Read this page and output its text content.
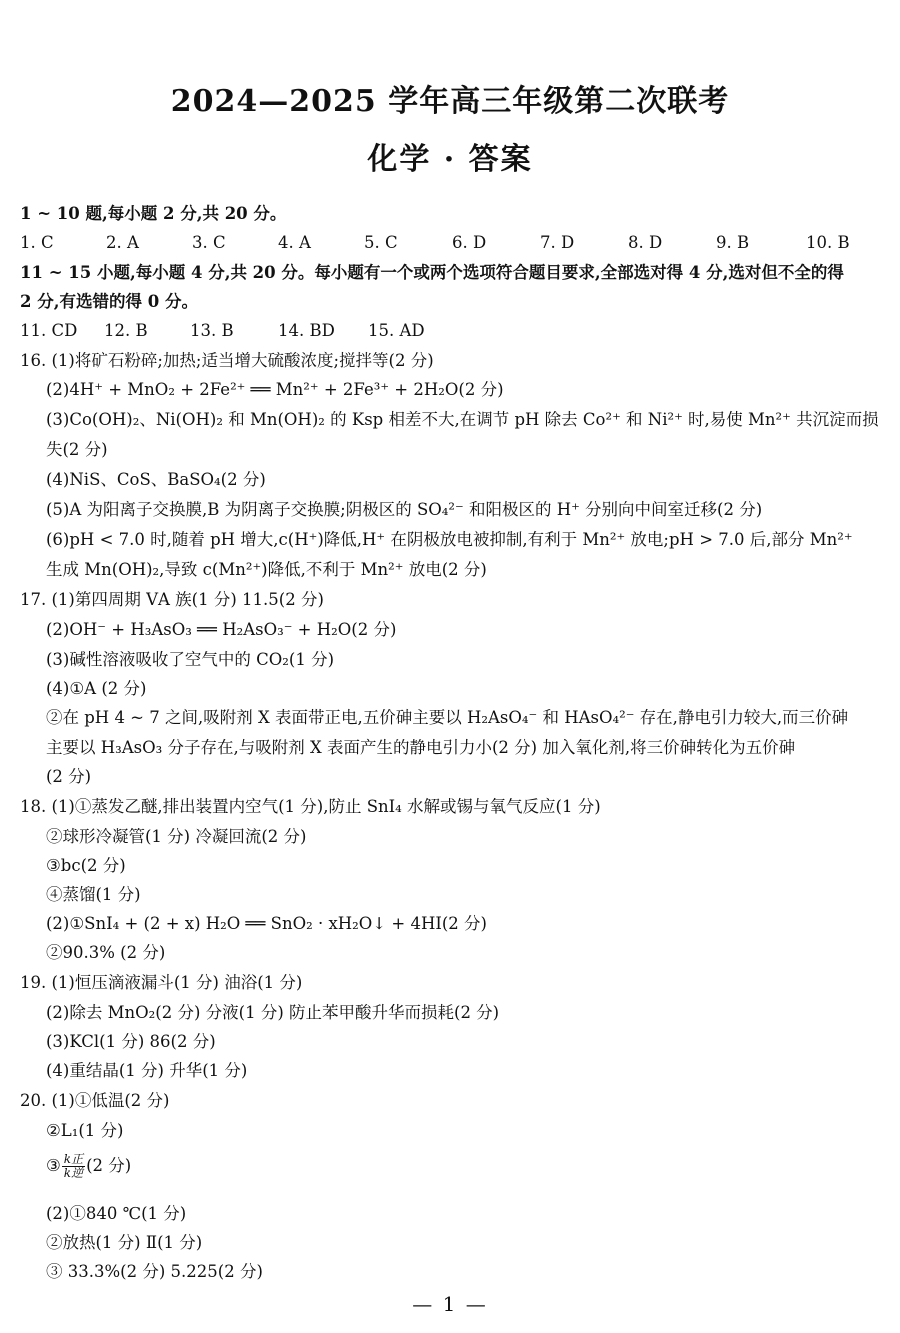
2024—2025 学年高三年级第二次联考
化学 · 答案
1 ~ 10 题,每小题 2 分,共 20 分。
1. C	2. A	3. C	4. A	5. C	6. D	7. D	8. D	9. B	10. B
11 ~ 15 小题,每小题 4 分,共 20 分。每小题有一个或两个选项符合题目要求,全部选对得 4 分,选对但不全的得
2 分,有选错的得 0 分。
11. CD 12. B	13. B	14. BD 15. AD
16. (1)将矿石粉碎;加热;适当增大硫酸浓度;搅拌等(2 分)
(2)4H⁺ + MnO₂ + 2Fe²⁺ ══ Mn²⁺ + 2Fe³⁺ + 2H₂O(2 分)
(3)Co(OH)₂、Ni(OH)₂ 和 Mn(OH)₂ 的 Ksp 相差不大,在调节 pH 除去 Co²⁺ 和 Ni²⁺ 时,易使 Mn²⁺ 共沉淀而损
失(2 分)
(4)NiS、CoS、BaSO₄(2 分)
(5)A 为阳离子交换膜,B 为阴离子交换膜;阴极区的 SO₄²⁻ 和阳极区的 H⁺ 分别向中间室迁移(2 分)
(6)pH < 7.0 时,随着 pH 增大,c(H⁺)降低,H⁺ 在阴极放电被抑制,有利于 Mn²⁺ 放电;pH > 7.0 后,部分 Mn²⁺
生成 Mn(OH)₂,导致 c(Mn²⁺)降低,不利于 Mn²⁺ 放电(2 分)
17. (1)第四周期 ⅤA 族(1 分) 11.5(2 分)
(2)OH⁻ + H₃AsO₃ ══ H₂AsO₃⁻ + H₂O(2 分)
(3)碱性溶液吸收了空气中的 CO₂(1 分)
(4)①A (2 分)
②在 pH 4 ~ 7 之间,吸附剂 X 表面带正电,五价砷主要以 H₂AsO₄⁻ 和 HAsO₄²⁻ 存在,静电引力较大,而三价砷
主要以 H₃AsO₃ 分子存在,与吸附剂 X 表面产生的静电引力小(2 分) 加入氧化剂,将三价砷转化为五价砷
(2 分)
18. (1)①蒸发乙醚,排出装置内空气(1 分),防止 SnI₄ 水解或锡与氧气反应(1 分)
②球形冷凝管(1 分) 冷凝回流(2 分)
③bc(2 分)
④蒸馏(1 分)
(2)①SnI₄ + (2 + x) H₂O ══ SnO₂ · xH₂O↓ + 4HI(2 分)
②90.3% (2 分)
19. (1)恒压滴液漏斗(1 分) 油浴(1 分)
(2)除去 MnO₂(2 分) 分液(1 分) 防止苯甲酸升华而损耗(2 分)
(3)KCl(1 分) 86(2 分)
(4)重结晶(1 分) 升华(1 分)
20. (1)①低温(2 分)
②L₁(1 分)
③ $\frac{\text{k正}}{\text{k逆}} (2$ 分)
(2)①840 ℃(1 分)
②放热(1 分) Ⅱ(1 分)
③ 33.3%(2 分) 5.225(2 分)
— 1 —
